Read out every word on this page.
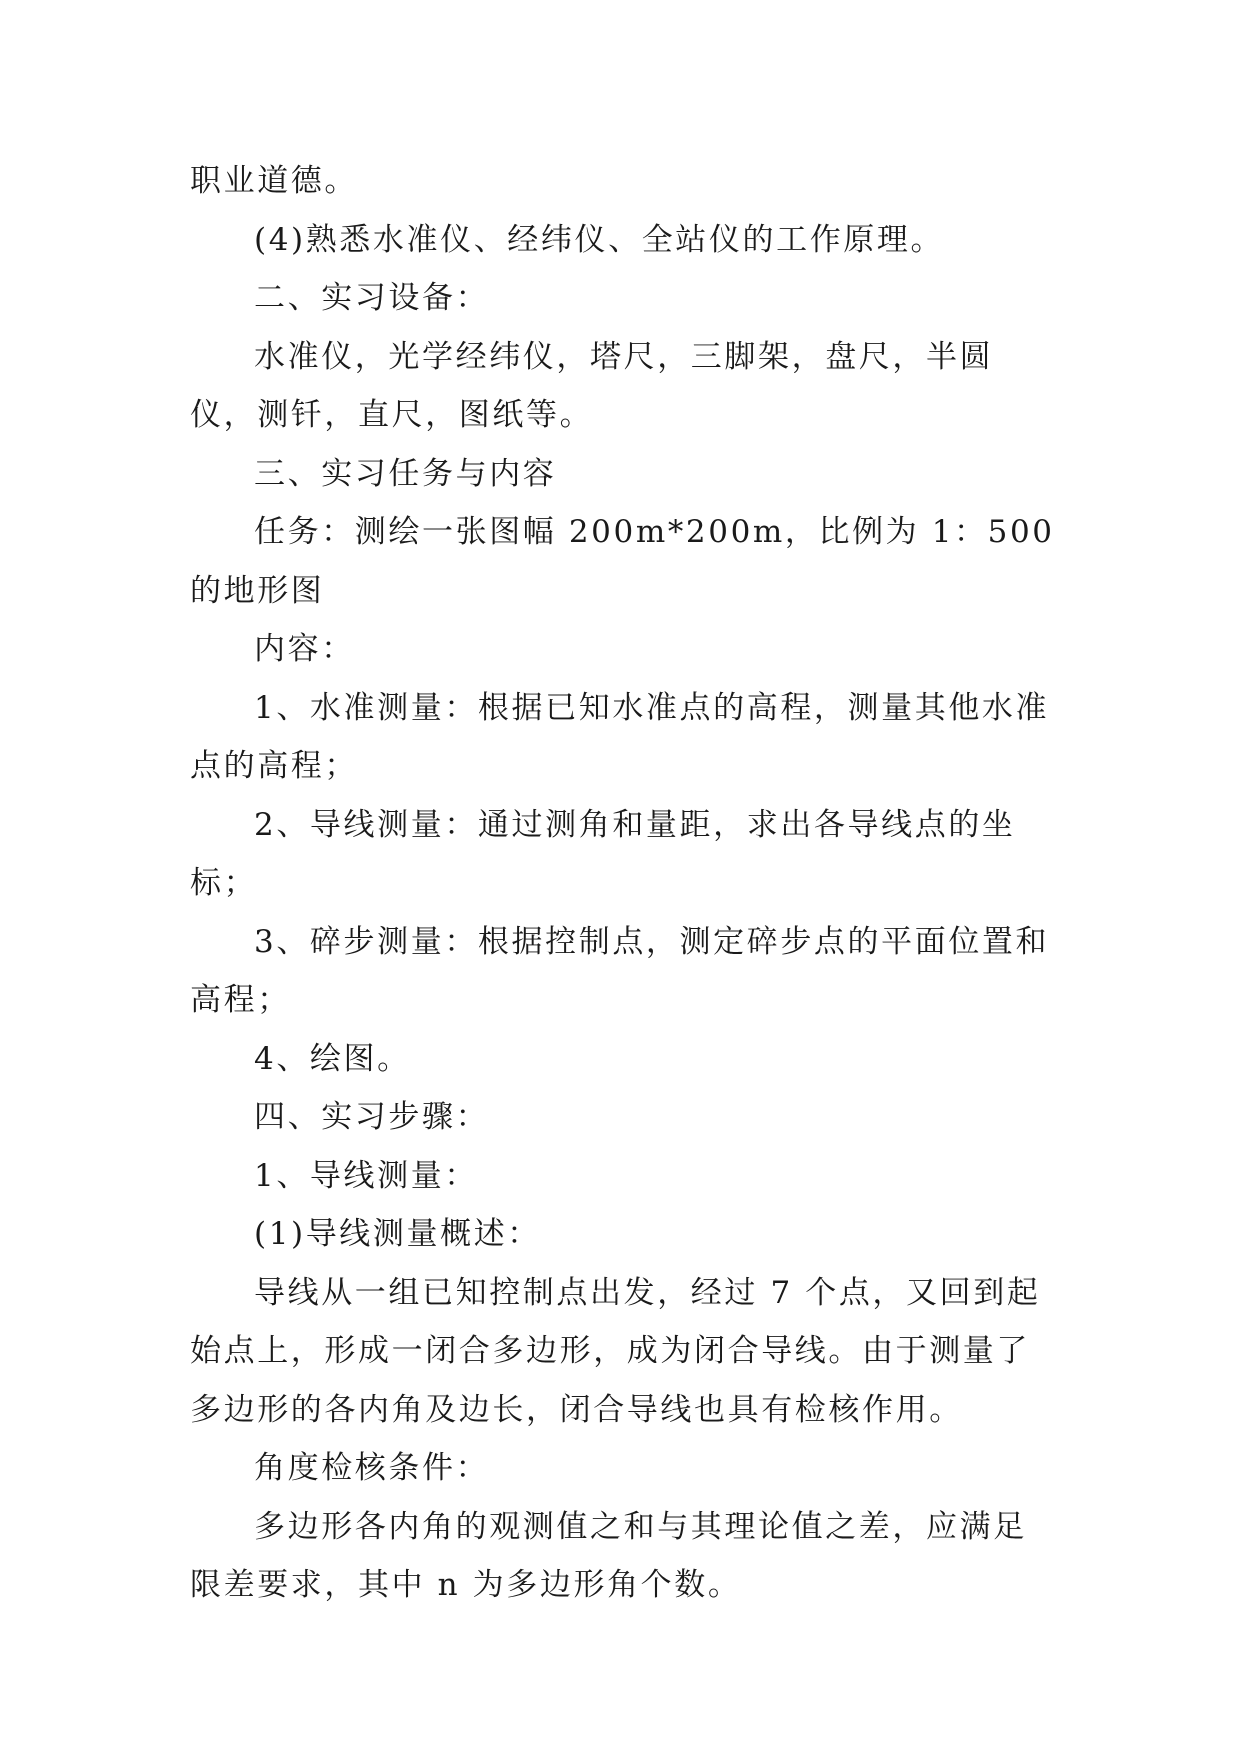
职业道德。

(4)熟悉水准仪、经纬仪、全站仪的工作原理。

二、实习设备：

水准仪，光学经纬仪，塔尺，三脚架，盘尺，半圆仪，测钎，直尺，图纸等。

三、实习任务与内容

任务：测绘一张图幅 200m*200m，比例为 1：500 的地形图

内容：

1、水准测量：根据已知水准点的高程，测量其他水准点的高程；

2、导线测量：通过测角和量距，求出各导线点的坐标；

3、碎步测量：根据控制点，测定碎步点的平面位置和高程；

4、绘图。

四、实习步骤：

1、导线测量：

(1)导线测量概述：

导线从一组已知控制点出发，经过 7 个点，又回到起始点上，形成一闭合多边形，成为闭合导线。由于测量了多边形的各内角及边长，闭合导线也具有检核作用。

角度检核条件：

多边形各内角的观测值之和与其理论值之差，应满足限差要求，其中 n 为多边形角个数。
